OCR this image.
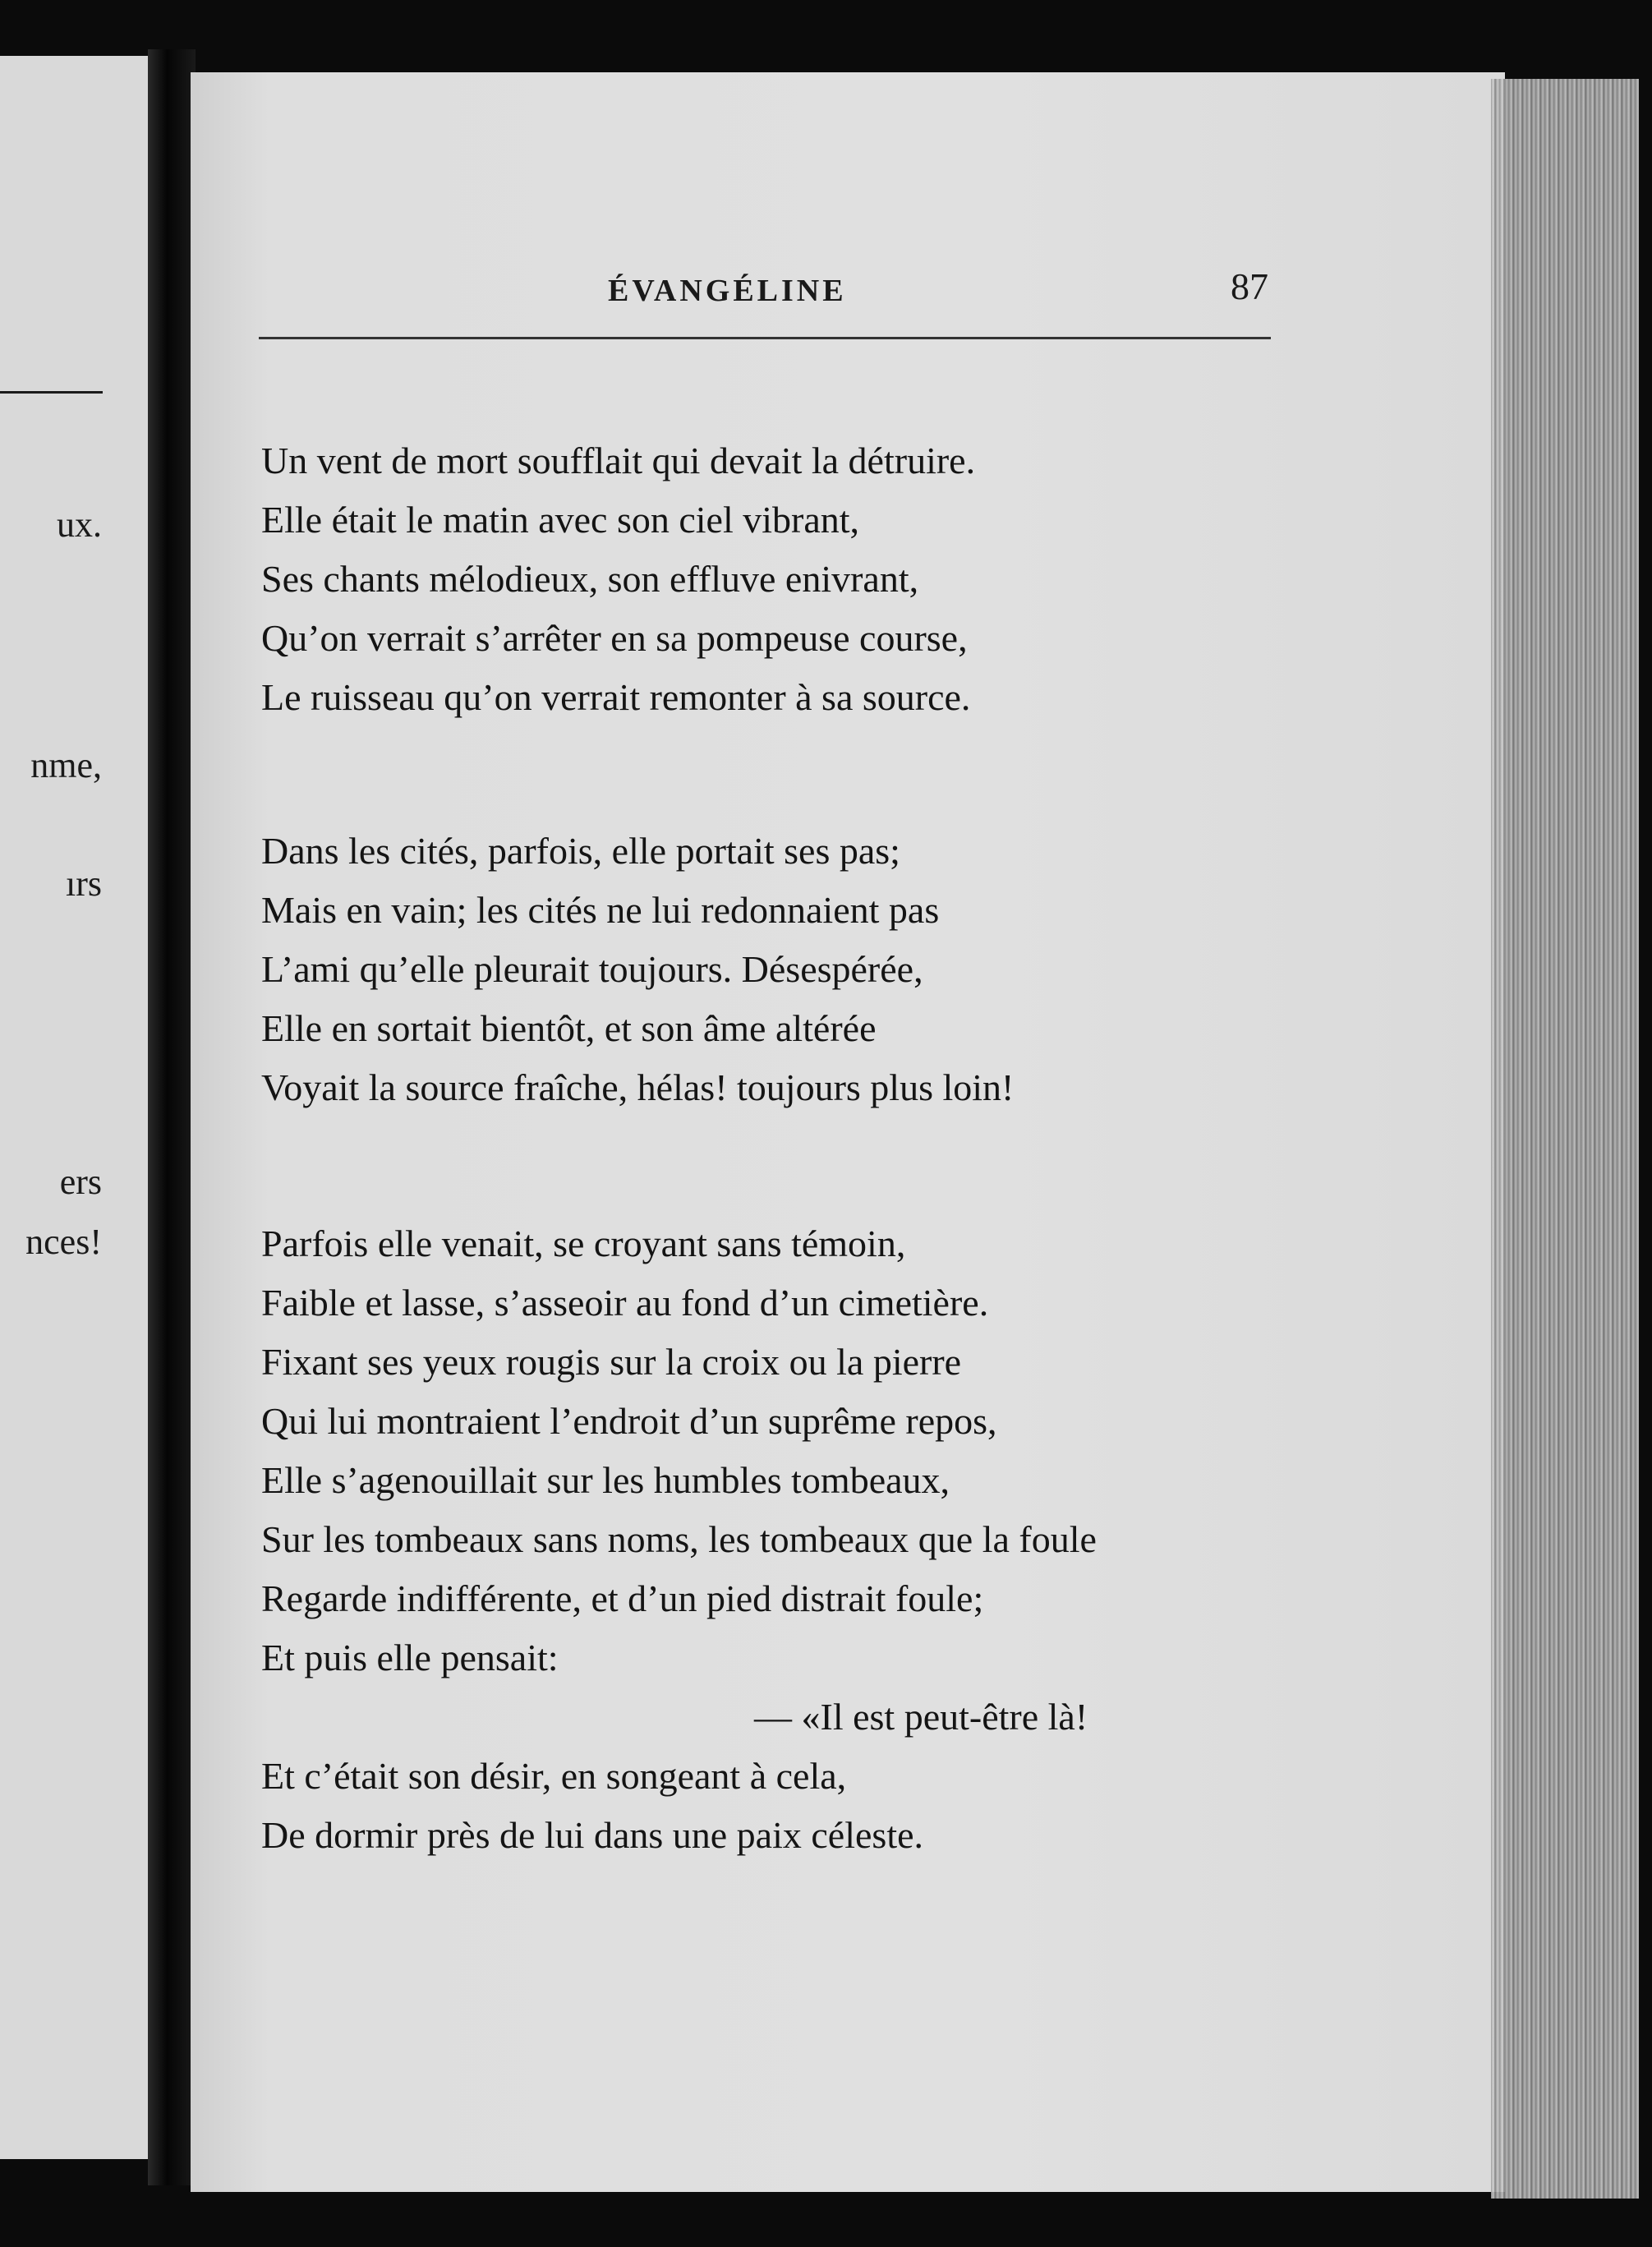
ux.
nme,
ırs
ers
nces!
ÉVANGÉLINE	87
Un vent de mort soufflait qui devait la détruire.
Elle était le matin avec son ciel vibrant,
Ses chants mélodieux, son effluve enivrant,
Qu’on verrait s’arrêter en sa pompeuse course,
Le ruisseau qu’on verrait remonter à sa source.
Dans les cités, parfois, elle portait ses pas;
Mais en vain; les cités ne lui redonnaient pas
L’ami qu’elle pleurait toujours. Désespérée,
Elle en sortait bientôt, et son âme altérée
Voyait la source fraîche, hélas! toujours plus loin!
Parfois elle venait, se croyant sans témoin,
Faible et lasse, s’asseoir au fond d’un cimetière.
Fixant ses yeux rougis sur la croix ou la pierre
Qui lui montraient l’endroit d’un suprême repos,
Elle s’agenouillait sur les humbles tombeaux,
Sur les tombeaux sans noms, les tombeaux que la foule
Regarde indifférente, et d’un pied distrait foule;
Et puis elle pensait:
— «Il est peut-être là!
Et c’était son désir, en songeant à cela,
De dormir près de lui dans une paix céleste.
